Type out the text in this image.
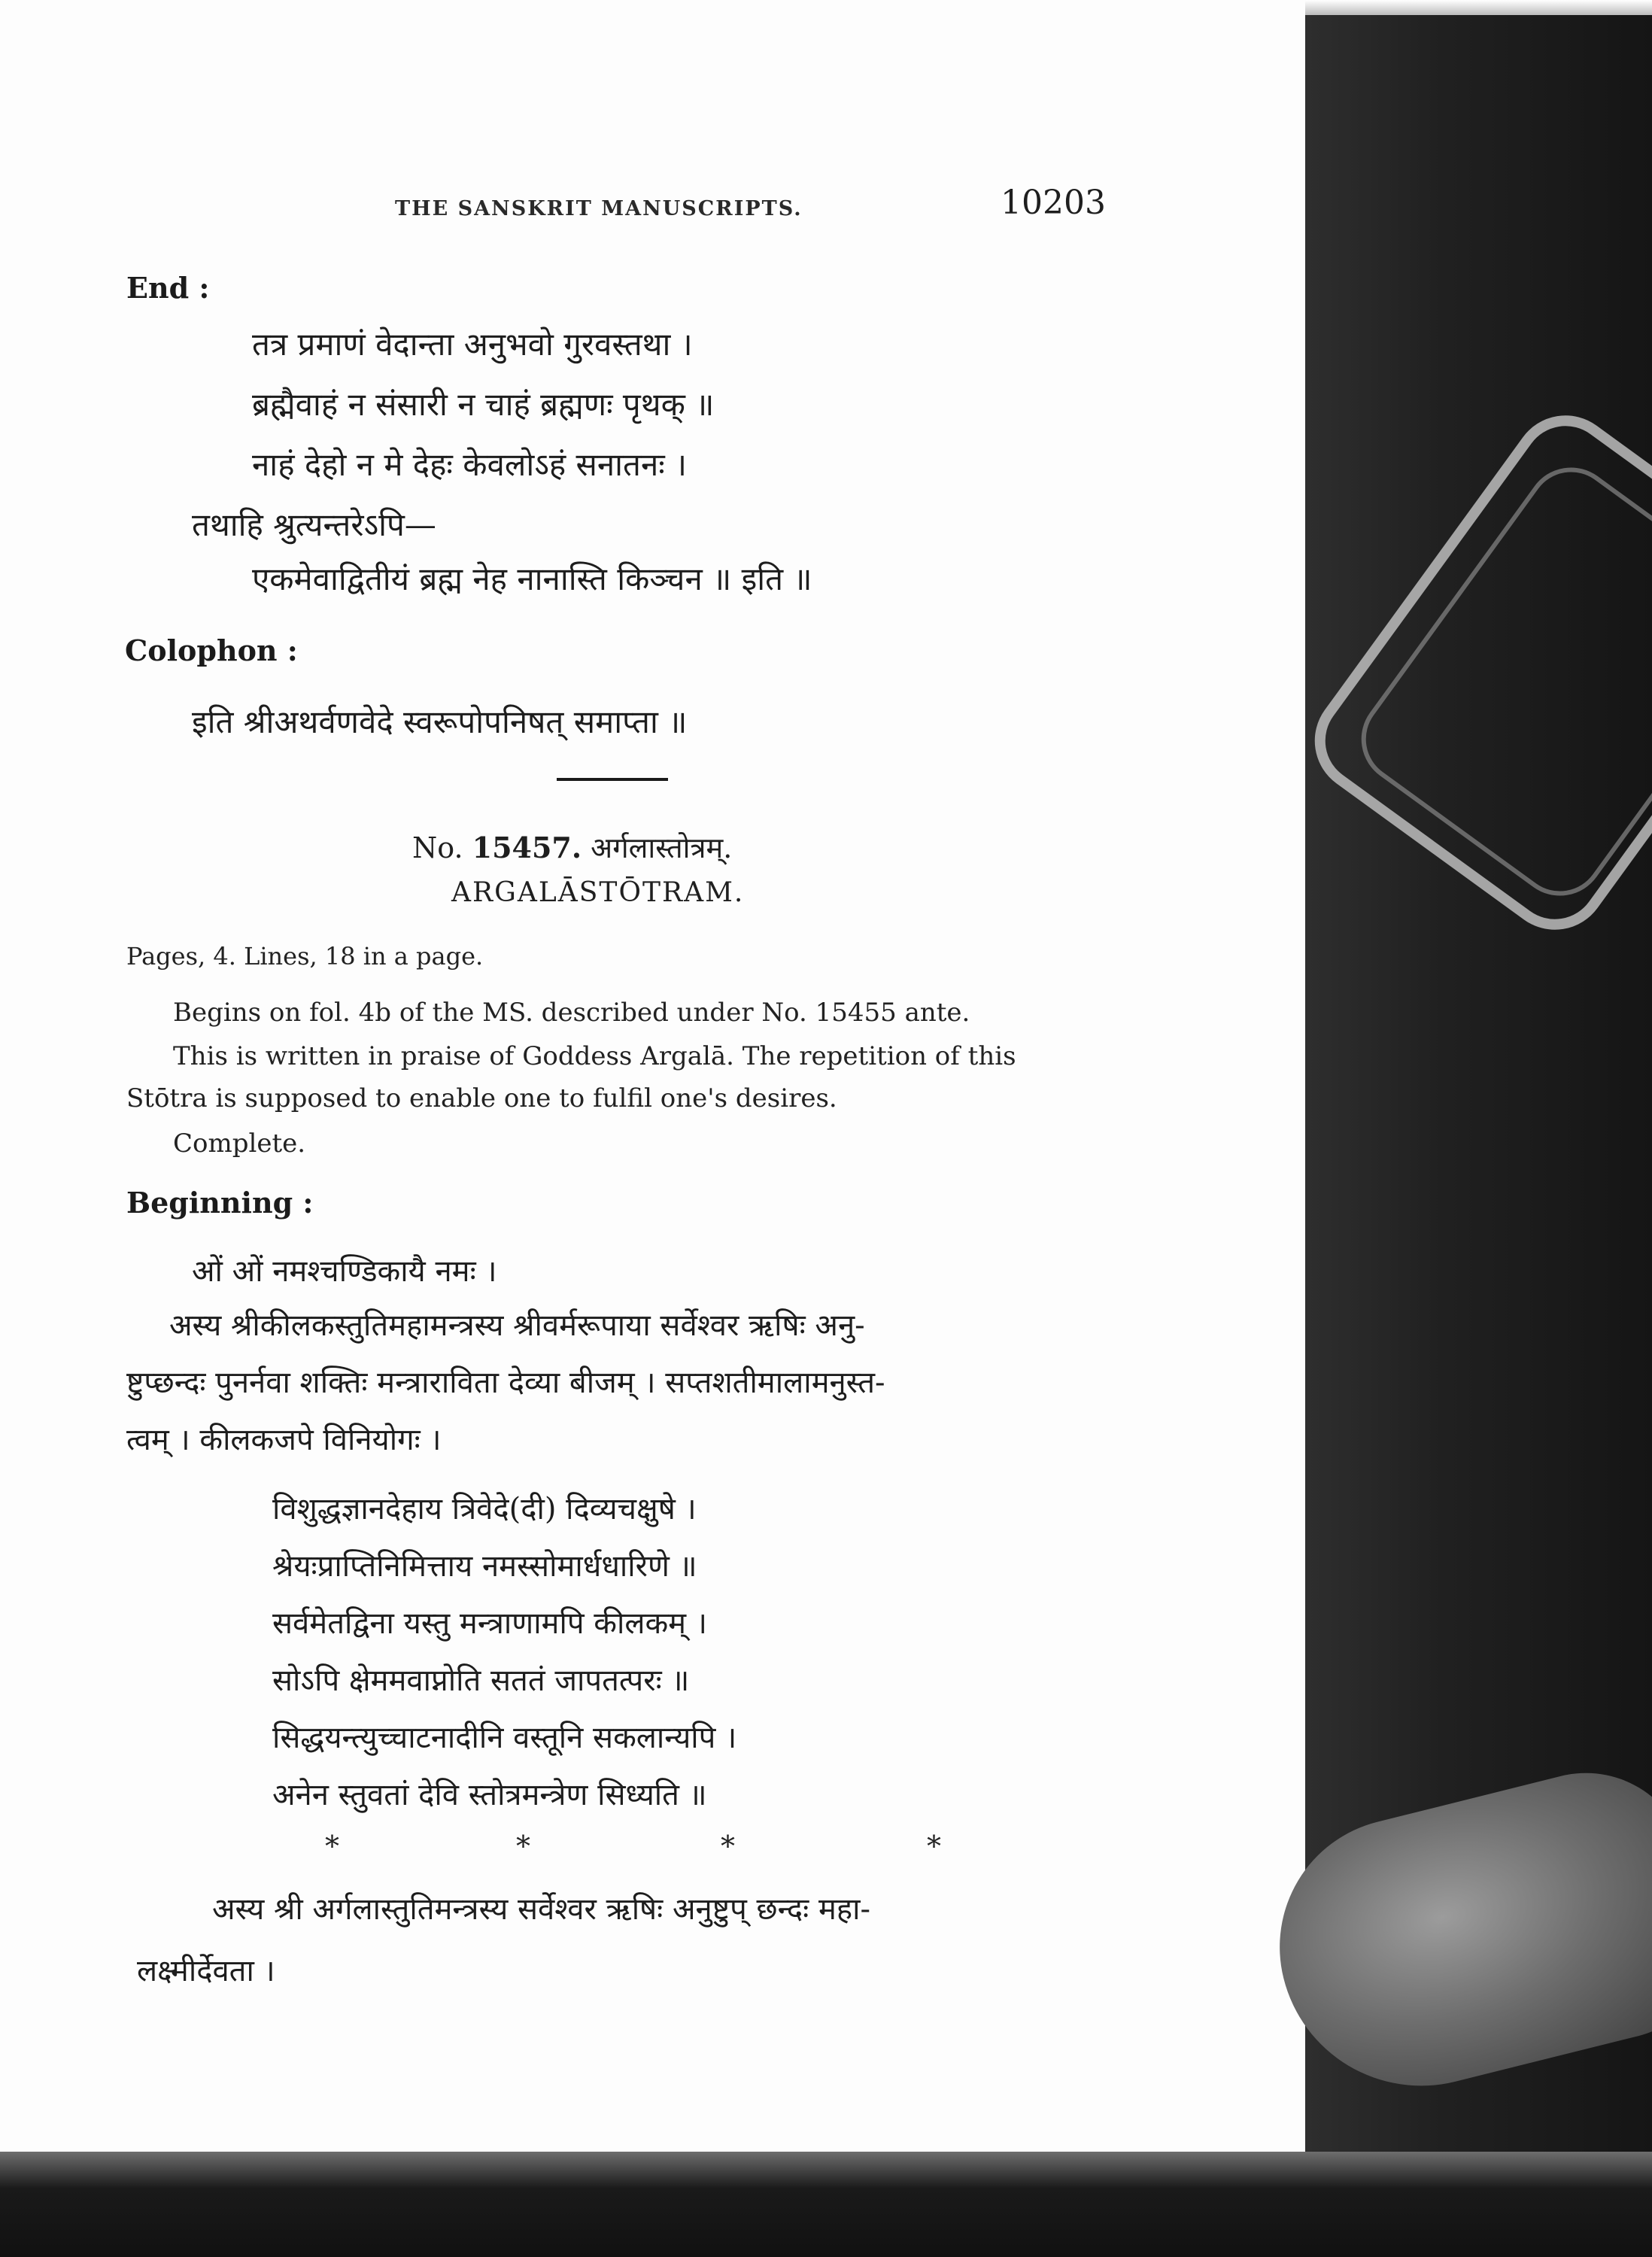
THE SANSKRIT MANUSCRIPTS.	10203
End :
तत्र प्रमाणं वेदान्ता अनुभवो गुरवस्तथा ।
ब्रह्मैवाहं न संसारी न चाहं ब्रह्मणः पृथक् ॥
नाहं देहो न मे देहः केवलोऽहं सनातनः ।
तथाहि श्रुत्यन्तरेऽपि—
एकमेवाद्वितीयं ब्रह्म नेह नानास्ति किञ्चन ॥ इति ॥
Colophon :
इति श्रीअथर्वणवेदे स्वरूपोपनिषत् समाप्ता ॥
No. 15457. अर्गलास्तोत्रम्.
ARGALĀSTŌTRAM.
Pages, 4. Lines, 18 in a page.
Begins on fol. 4b of the MS. described under No. 15455 ante.
This is written in praise of Goddess Argalā. The repetition of this
Stōtra is supposed to enable one to fulfil one's desires.
Complete.
Beginning :
ओं ओं नमश्चण्डिकायै नमः ।
अस्य श्रीकीलकस्तुतिमहामन्त्रस्य श्रीवर्मरूपाया सर्वेश्वर ऋषिः अनु-
ष्टुप्छन्दः पुनर्नवा शक्तिः मन्त्राराविता देव्या बीजम् । सप्तशतीमालामनुस्त-
त्वम् । कीलकजपे विनियोगः ।
विशुद्धज्ञानदेहाय त्रिवेदे(दी) दिव्यचक्षुषे ।
श्रेयःप्राप्तिनिमित्ताय नमस्सोमार्धधारिणे ॥
सर्वमेतद्विना यस्तु मन्त्राणामपि कीलकम् ।
सोऽपि क्षेममवाप्नोति सततं जापतत्परः ॥
सिद्धयन्त्युच्चाटनादीनि वस्तूनि सकलान्यपि ।
अनेन स्तुवतां देवि स्तोत्रमन्त्रेण सिध्यति ॥
*	*	*	*
अस्य श्री अर्गलास्तुतिमन्त्रस्य सर्वेश्वर ऋषिः अनुष्टुप् छन्दः महा-
लक्ष्मीर्देवता ।
